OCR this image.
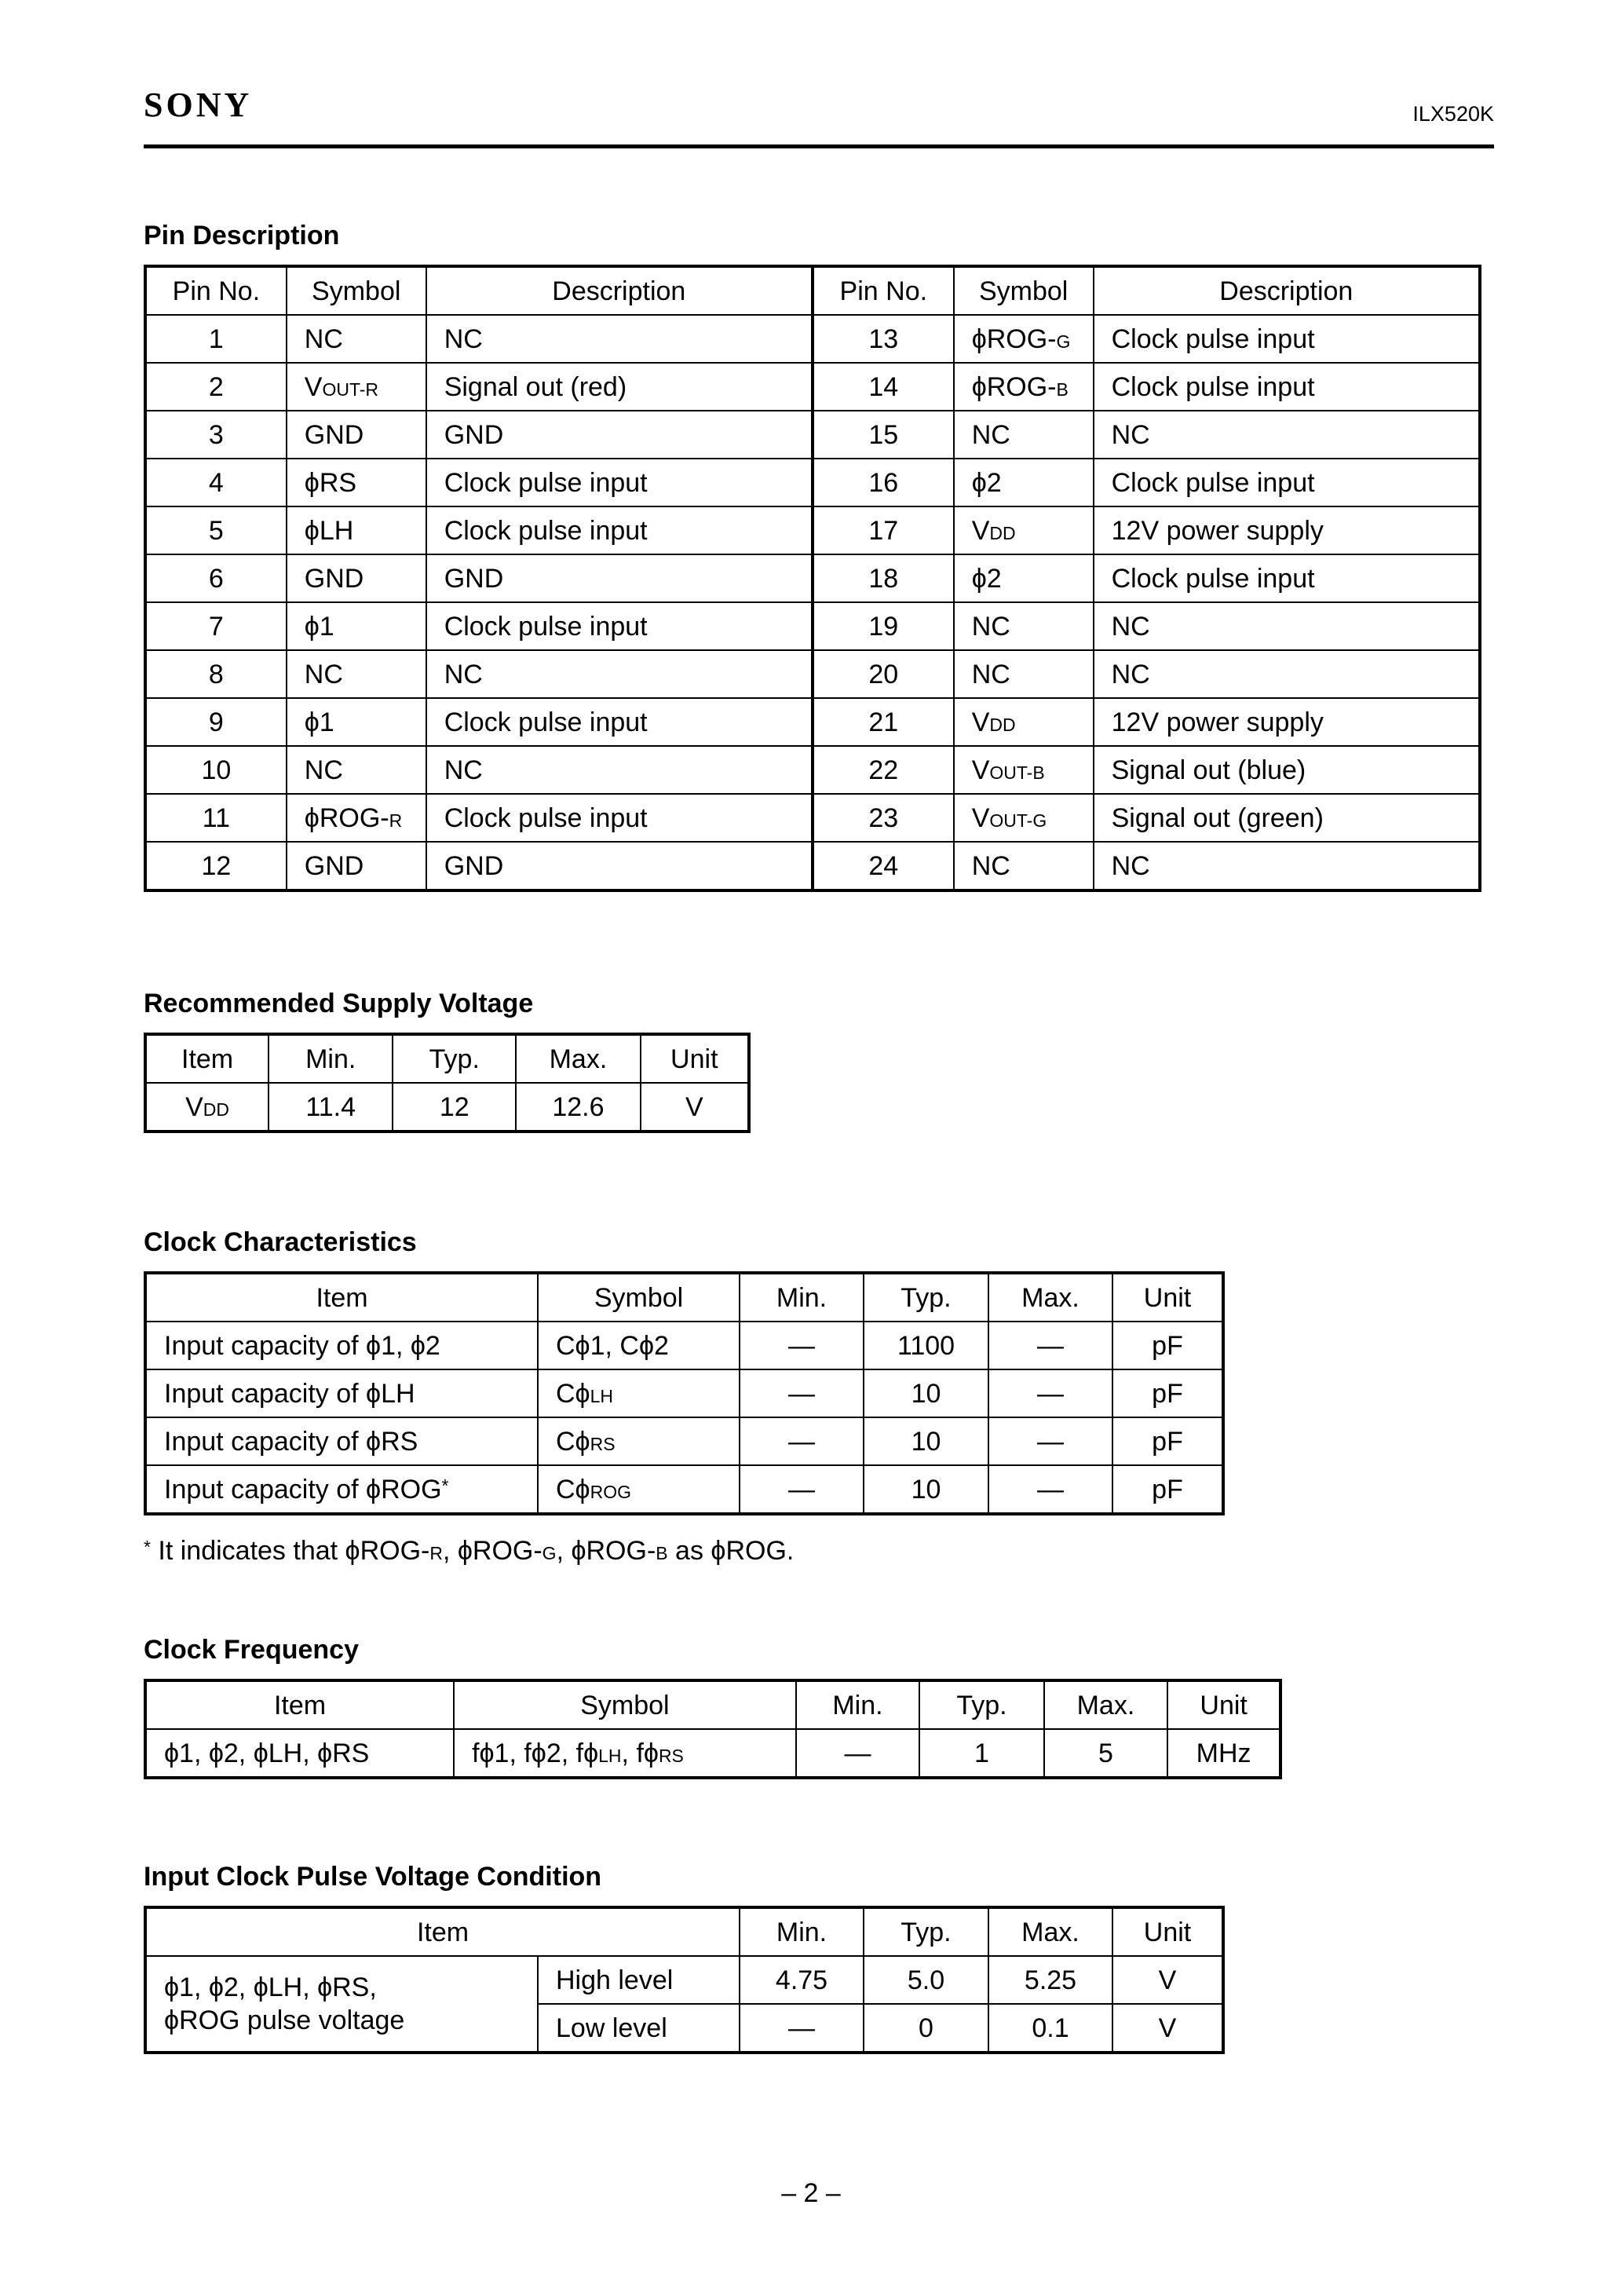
SONY	ILX520K
Pin Description
Pin No.	Symbol	Description	Pin No.	Symbol	Description
1	NC	NC	13	ϕROG-G	Clock pulse input
2	VOUT-R	Signal out (red)	14	ϕROG-B	Clock pulse input
3	GND	GND	15	NC	NC
4	ϕRS	Clock pulse input	16	ϕ2	Clock pulse input
5	ϕLH	Clock pulse input	17	VDD	12V power supply
6	GND	GND	18	ϕ2	Clock pulse input
7	ϕ1	Clock pulse input	19	NC	NC
8	NC	NC	20	NC	NC
9	ϕ1	Clock pulse input	21	VDD	12V power supply
10	NC	NC	22	VOUT-B	Signal out (blue)
11	ϕROG-R	Clock pulse input	23	VOUT-G	Signal out (green)
12	GND	GND	24	NC	NC
Recommended Supply Voltage
Item	Min.	Typ.	Max.	Unit
VDD	11.4	12	12.6	V
Clock Characteristics
Item	Symbol	Min.	Typ.	Max.	Unit
Input capacity of ϕ1, ϕ2	Cϕ1, Cϕ2	—	1100	—	pF
Input capacity of ϕLH	CϕLH	—	10	—	pF
Input capacity of ϕRS	CϕRS	—	10	—	pF
Input capacity of ϕROG*	CϕROG	—	10	—	pF
* It indicates that ϕROG-R, ϕROG-G, ϕROG-B as ϕROG.
Clock Frequency
Item	Symbol	Min.	Typ.	Max.	Unit
ϕ1, ϕ2, ϕLH, ϕRS	fϕ1, fϕ2, fϕLH, fϕRS	—	1	5	MHz
Input Clock Pulse Voltage Condition
Item		Min.	Typ.	Max.	Unit
ϕ1, ϕ2, ϕLH, ϕRS,
ϕROG pulse voltage	High level	4.75	5.0	5.25	V
	Low level	—	0	0.1	V
– 2 –
